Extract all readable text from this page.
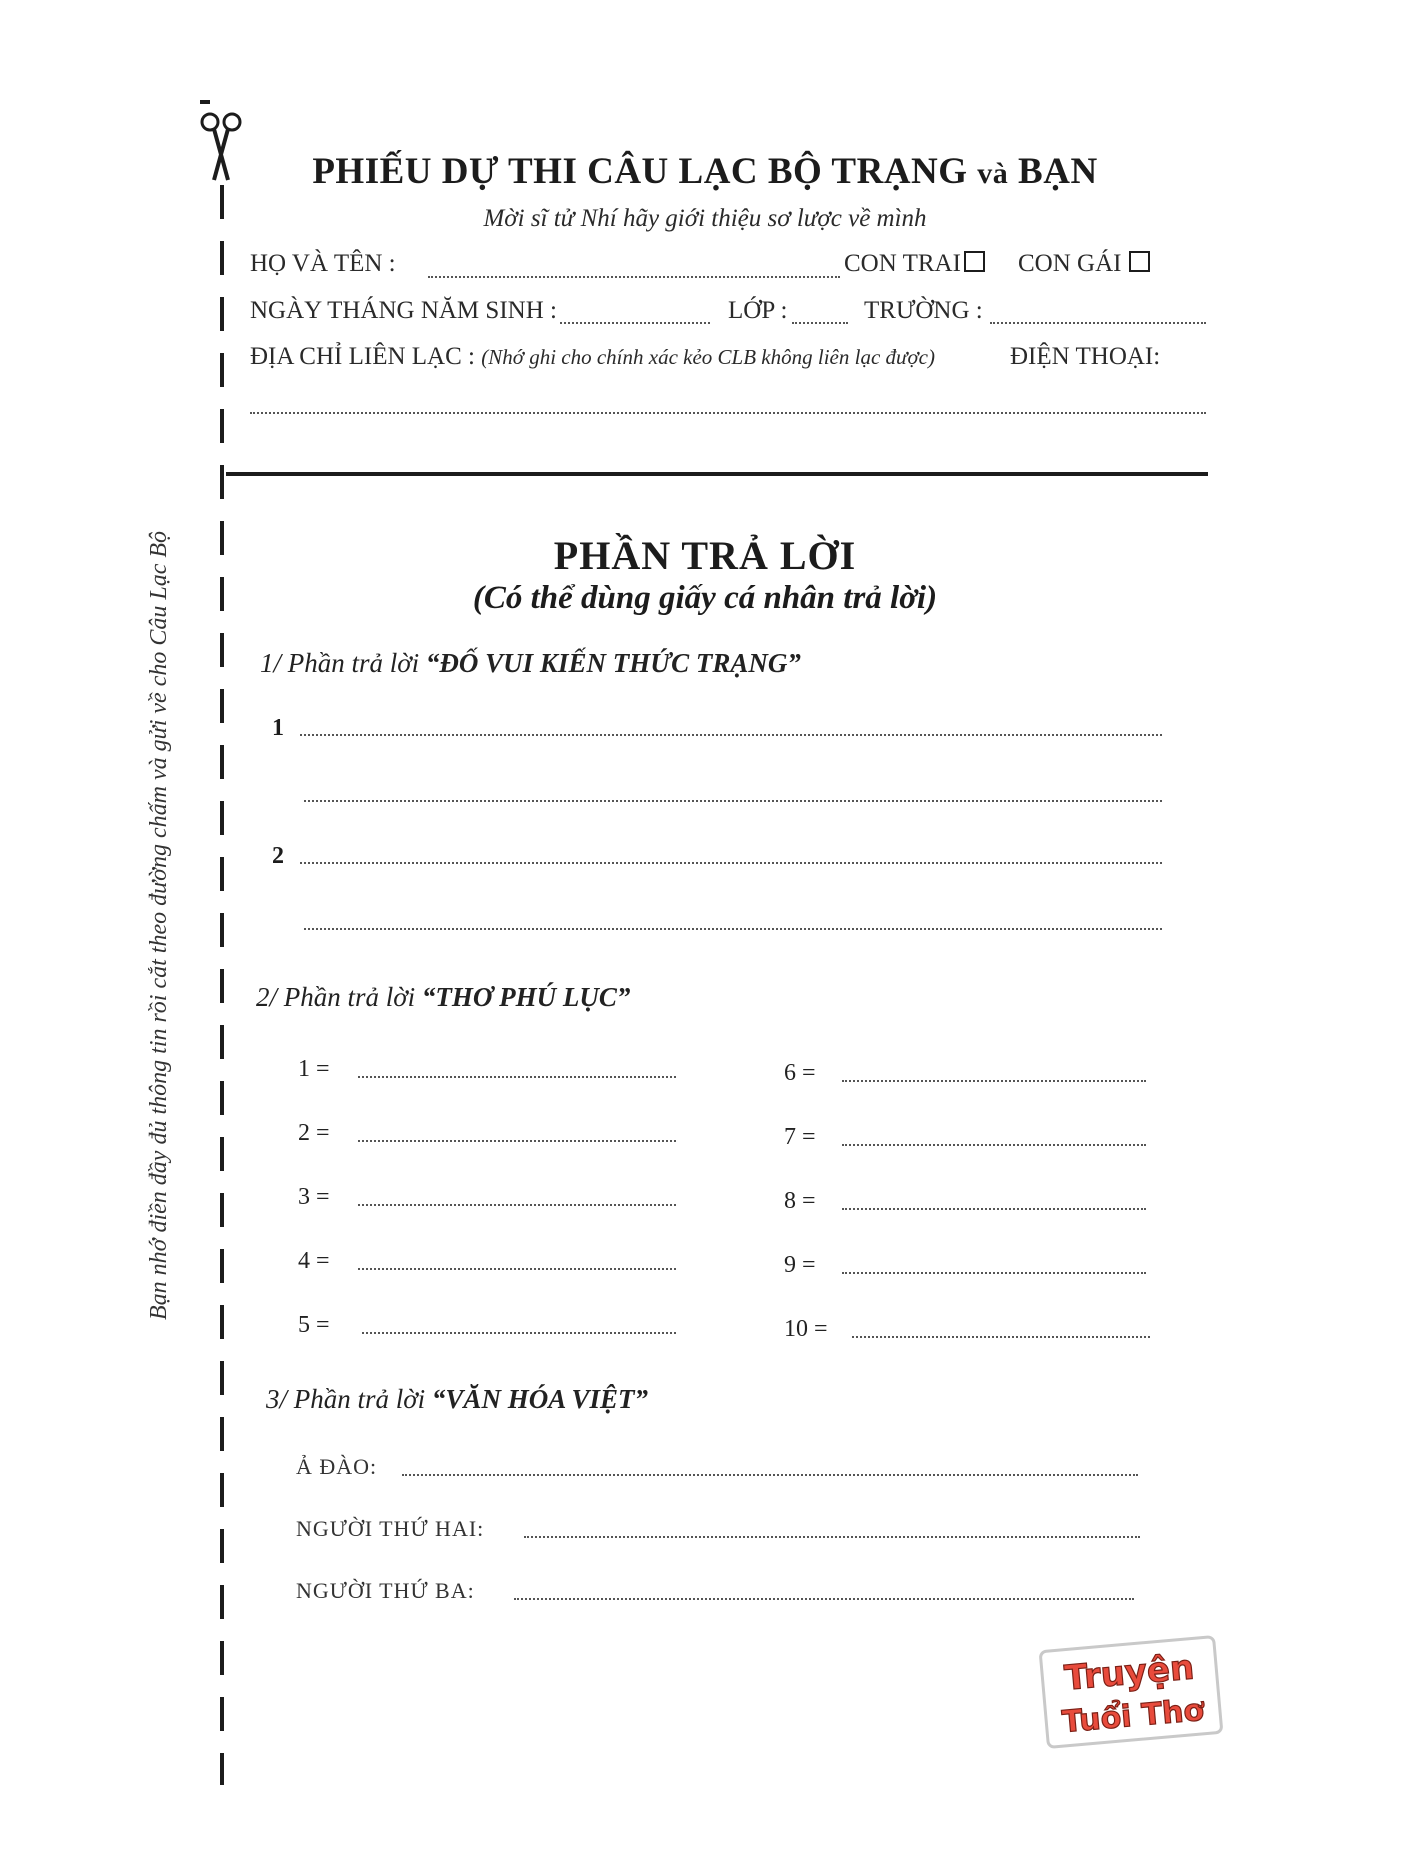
Bạn nhớ điền đầy đủ thông tin rồi cắt theo đường chấm và gửi về cho Câu Lạc Bộ
PHIẾU DỰ THI CÂU LẠC BỘ TRẠNG và BẠN
Mời sĩ tử Nhí hãy giới thiệu sơ lược về mình
HỌ VÀ TÊN :	CON TRAI	CON GÁI
NGÀY THÁNG NĂM SINH :	LỚP :	TRƯỜNG :
ĐỊA CHỈ LIÊN LẠC : (Nhớ ghi cho chính xác kẻo CLB không liên lạc được)	ĐIỆN THOẠI:
PHẦN TRẢ LỜI
(Có thể dùng giấy cá nhân trả lời)
1/ Phần trả lời “ĐỐ VUI KIẾN THỨC TRẠNG”
1
2
2/ Phần trả lời “THƠ PHÚ LỤC”
1 =
2 =
3 =
4 =
5 =
6 =
7 =
8 =
9 =
10 =
3/ Phần trả lời “VĂN HÓA VIỆT”
Ả ĐÀO:
NGƯỜI THỨ HAI:
NGƯỜI THỨ BA:
Truyện
Tuổi Thơ
